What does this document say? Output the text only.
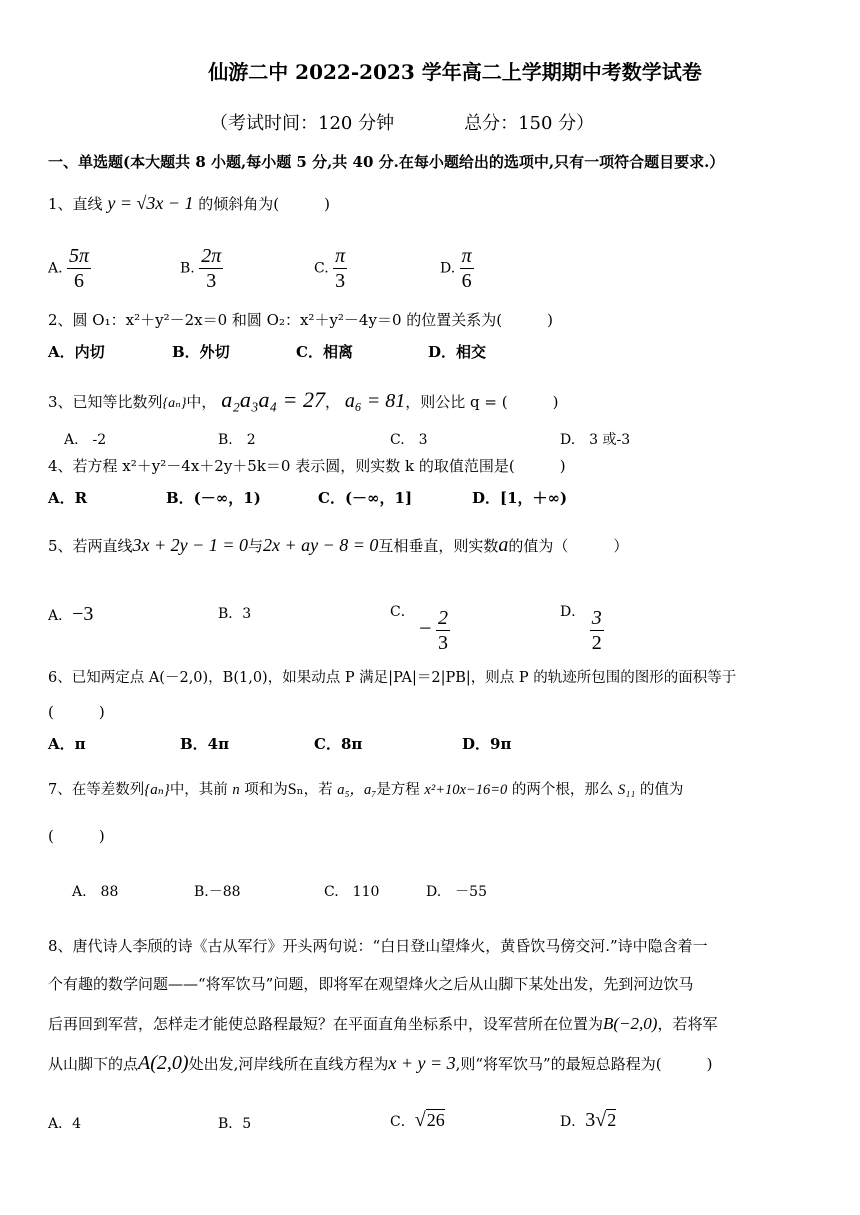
仙游二中 2022-2023 学年高二上学期期中考数学试卷
（考试时间：120 分钟	总分：150 分）
一、单选题(本大题共 8 小题,每小题 5 分,共 40 分.在每小题给出的选项中,只有一项符合题目要求.）
1、直线 y = √3x − 1 的倾斜角为(　　　)
A. $\frac{5\pi}{6}$	B. $\frac{2\pi}{3}$	C. $\frac{\pi}{3}$	D. $\frac{\pi}{6}$
2、圆 O₁：x²＋y²－2x＝0 和圆 O₂：x²＋y²－4y＝0 的位置关系为(　　　)
A．内切	B．外切	C．相离	D．相交
3、已知等比数列{aₙ}中， a₂a₃a₄ = 27， a₆ = 81，则公比 q = (　　　)
A.　-2	B.　2	C.　3	D.　3 或-3
4、若方程 x²＋y²－4x＋2y＋5k＝0 表示圆，则实数 k 的取值范围是(　　　)
A．R	B．(－∞，1)	C．(－∞，1]	D．[1，＋∞)
5、若两直线3x + 2y − 1 = 0与2x + ay − 8 = 0互相垂直，则实数a的值为（　　　）
A．−3	B．3	C． − $\frac{2}{3}$	D． $\frac{3}{2}$
6、已知两定点 A(－2,0)，B(1,0)，如果动点 P 满足|PA|＝2|PB|，则点 P 的轨迹所包围的图形的面积等于
(　　　)
A．π	B．4π	C．8π	D．9π
7、在等差数列{aₙ}中，其前 n 项和为Sₙ，若 a₅，a₇是方程 x²+10x−16=0 的两个根，那么 S₁₁ 的值为
(　　　)
A.　88	B.－88	C.　110	D.　－55
8、唐代诗人李颀的诗《古从军行》开头两句说：“白日登山望烽火，黄昏饮马傍交河.”诗中隐含着一
个有趣的数学问题——“将军饮马”问题，即将军在观望烽火之后从山脚下某处出发，先到河边饮马
后再回到军营，怎样走才能使总路程最短？在平面直角坐标系中，设军营所在位置为B(−2,0)，若将军
从山脚下的点A(2,0)处出发,河岸线所在直线方程为x + y = 3,则“将军饮马”的最短总路程为(　　　)
A．4	B．5	C．√26	D．3√2
